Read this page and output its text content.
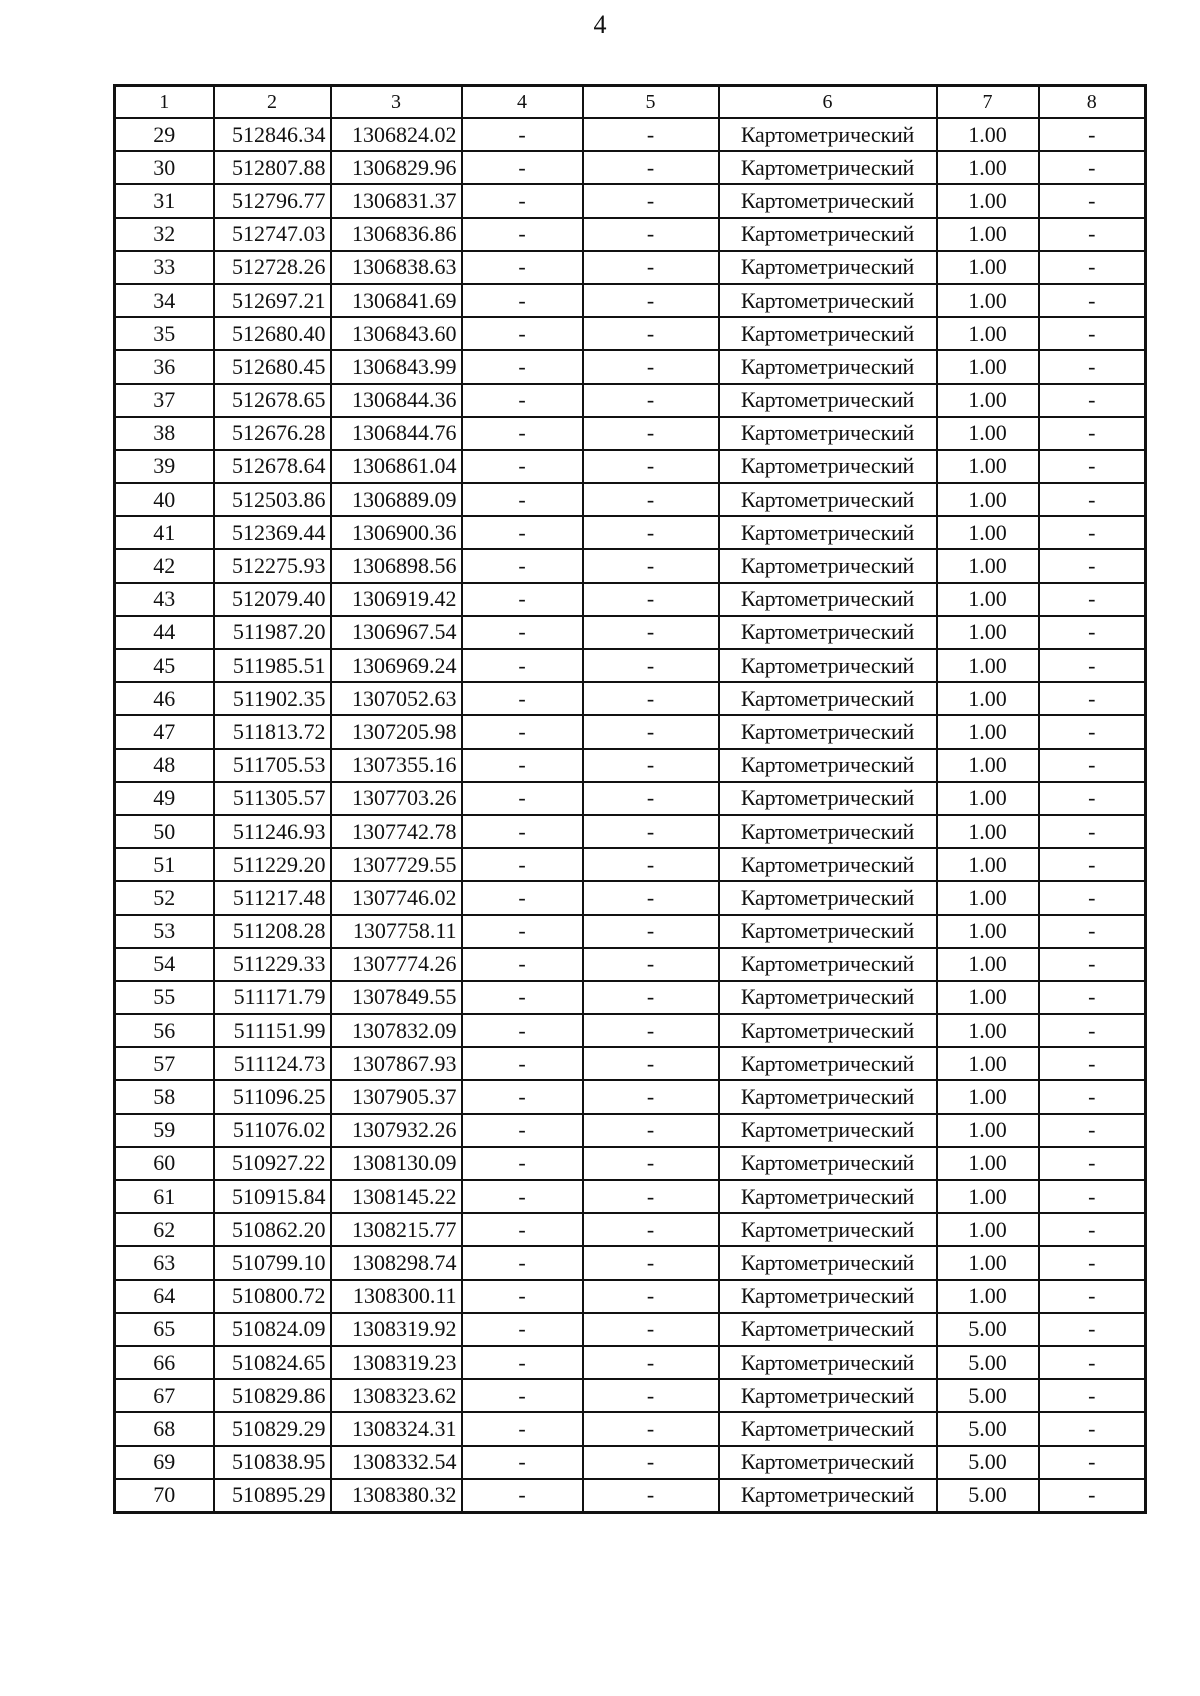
4
1	2	3	4	5	6	7	8
29	512846.34	1306824.02	-	-	Картометрический	1.00	-
30	512807.88	1306829.96	-	-	Картометрический	1.00	-
31	512796.77	1306831.37	-	-	Картометрический	1.00	-
32	512747.03	1306836.86	-	-	Картометрический	1.00	-
33	512728.26	1306838.63	-	-	Картометрический	1.00	-
34	512697.21	1306841.69	-	-	Картометрический	1.00	-
35	512680.40	1306843.60	-	-	Картометрический	1.00	-
36	512680.45	1306843.99	-	-	Картометрический	1.00	-
37	512678.65	1306844.36	-	-	Картометрический	1.00	-
38	512676.28	1306844.76	-	-	Картометрический	1.00	-
39	512678.64	1306861.04	-	-	Картометрический	1.00	-
40	512503.86	1306889.09	-	-	Картометрический	1.00	-
41	512369.44	1306900.36	-	-	Картометрический	1.00	-
42	512275.93	1306898.56	-	-	Картометрический	1.00	-
43	512079.40	1306919.42	-	-	Картометрический	1.00	-
44	511987.20	1306967.54	-	-	Картометрический	1.00	-
45	511985.51	1306969.24	-	-	Картометрический	1.00	-
46	511902.35	1307052.63	-	-	Картометрический	1.00	-
47	511813.72	1307205.98	-	-	Картометрический	1.00	-
48	511705.53	1307355.16	-	-	Картометрический	1.00	-
49	511305.57	1307703.26	-	-	Картометрический	1.00	-
50	511246.93	1307742.78	-	-	Картометрический	1.00	-
51	511229.20	1307729.55	-	-	Картометрический	1.00	-
52	511217.48	1307746.02	-	-	Картометрический	1.00	-
53	511208.28	1307758.11	-	-	Картометрический	1.00	-
54	511229.33	1307774.26	-	-	Картометрический	1.00	-
55	511171.79	1307849.55	-	-	Картометрический	1.00	-
56	511151.99	1307832.09	-	-	Картометрический	1.00	-
57	511124.73	1307867.93	-	-	Картометрический	1.00	-
58	511096.25	1307905.37	-	-	Картометрический	1.00	-
59	511076.02	1307932.26	-	-	Картометрический	1.00	-
60	510927.22	1308130.09	-	-	Картометрический	1.00	-
61	510915.84	1308145.22	-	-	Картометрический	1.00	-
62	510862.20	1308215.77	-	-	Картометрический	1.00	-
63	510799.10	1308298.74	-	-	Картометрический	1.00	-
64	510800.72	1308300.11	-	-	Картометрический	1.00	-
65	510824.09	1308319.92	-	-	Картометрический	5.00	-
66	510824.65	1308319.23	-	-	Картометрический	5.00	-
67	510829.86	1308323.62	-	-	Картометрический	5.00	-
68	510829.29	1308324.31	-	-	Картометрический	5.00	-
69	510838.95	1308332.54	-	-	Картометрический	5.00	-
70	510895.29	1308380.32	-	-	Картометрический	5.00	-
